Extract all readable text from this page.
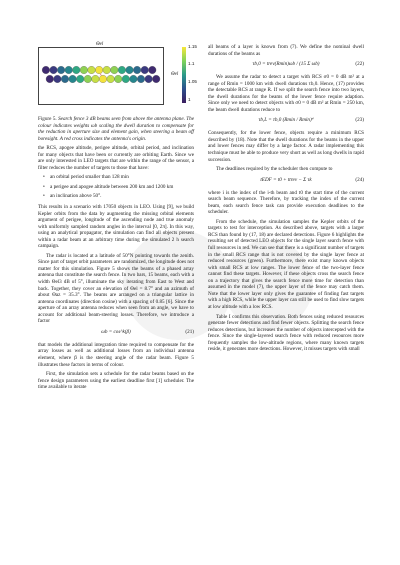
Θel
×	Θel
1.15
1.1
1.05
1

Figure 5. Search fence 3 dB beams seen from above the antenna plane. The colour indicates weights ωb scaling the dwell duration to compensate for the reduction in aperture size and element gain, when steering a beam off boresight. A red cross indicates the antenna's origin.

the RCS, apogee altitude, perigee altitude, orbital period, and inclination for many objects that have been or currently are orbiting Earth. Since we are only interested in LEO targets that are within the range of the sensor, a filter reduces the number of targets to those that have:

• an orbital period smaller than 128 min
• a perigee and apogee altitude between 200 km and 1200 km
• an inclination above 50°.

This results in a scenario with 17050 objects in LEO. Using [9], we build Kepler orbits from the data by augmenting the missing orbital elements argument of perigee, longitude of the ascending node and true anomaly with uniformly sampled random angles in the interval [0, 2π]. In this way, using an analytical propagator, the simulation can find all objects present within a radar beam at an arbitrary time during the simulated 2 h search campaign.

The radar is located at a latitude of 50°N pointing towards the zenith. Since part of target orbit parameters are randomized, the longitude does not matter for this simulation. Figure 5 shows the beams of a phased array antenna that constitute the search fence. In two bars, 15 beams, each with a width Θel3 dB of 5°, illuminate the sky iterating from East to West and back. Together, they cover an elevation of Θel = 8.7° and an azimuth of about Θaz = 35.3°. The beams are arranged on a triangular lattice in antenna coordinates (direction cosine) with a spacing of 0.85 [6]. Since the aperture of an array antenna reduces when seen from an angle, we have to account for additional beam-steering losses. Therefore, we introduce a factor

ωb = cos^k(β)	(21)

that models the additional integration time required to compensate for the array losses as well as additional losses from an individual antenna element, where β is the steering angle of the radar beam. Figure 5 illustrates these factors in terms of colour.

First, the simulation sets a schedule for the radar beams based on the fence design parameters using the earliest deadline first [1] scheduler. The time available to iterate

all beams of a layer is known from (7). We define the nominal dwell durations of the beams as

τb,0 = trev(Rmin)ωb / (15 Σ ωb)	(22)

We assume the radar to detect a target with RCS σ0 = 0 dB m² at a range of Rmin = 1000 km with dwell durations τb,0. Hence, (17) provides the detectable RCS at range R. If we split the search fence into two layers, the dwell durations for the beams of the lower fence require adaption. Since only we need to detect objects with σ0 = 0 dB m² at Rmin = 250 km, the beam dwell durations reduce to

τb,L = τb,0 (Rmin / Rmin)⁴	(23)

Consequently, for the lower fence, objects require a minimum RCS described by (18). Note that the dwell durations for the beams in the upper and lower fences may differ by a large factor. A radar implementing this technique must be able to produce very short as well as long dwells in rapid succession.

The deadlines required by the scheduler then compute to

tEDF = t0 + ttrev − Σ τk	(24)

where i is the index of the i-th beam and t0 the start time of the current search beam sequence. Therefore, by tracking the index of the current beam, each search fence task can provide execution deadlines to the scheduler.

From the schedule, the simulation samples the Kepler orbits of the targets to test for interception. As described above, targets with a larger RCS than found by (17, 18) are declared detections. Figure 6 highlights the resulting set of detected LEO objects for the single layer search fence with full resources in red. We can see that there is a significant number of targets in the small RCS range that is not covered by the single layer fence at reduced resources (green). Furthermore, there exist many known objects with small RCS at low ranges. The lower fence of the two-layer fence cannot find these targets. However, if these objects cross the search fence on a trajectory that gives the search fence more time for detection than assumed in the model (7), the upper layer of the fence may catch them. Note that the lower layer only gives the guarantee of finding fast targets with a high RCS, while the upper layer can still be used to find slow targets at low altitude with a low RCS.

Table I confirms this observation. Both fences using reduced resources generate fewer detections and find fewer objects. Splitting the search fence reduces detections, but increases the number of objects intercepted with the fence. Since the single-layered search fence with reduced resources more frequently samples the low-altitude regions, where many known targets reside, it generates more detections. However, it misses targets with small
